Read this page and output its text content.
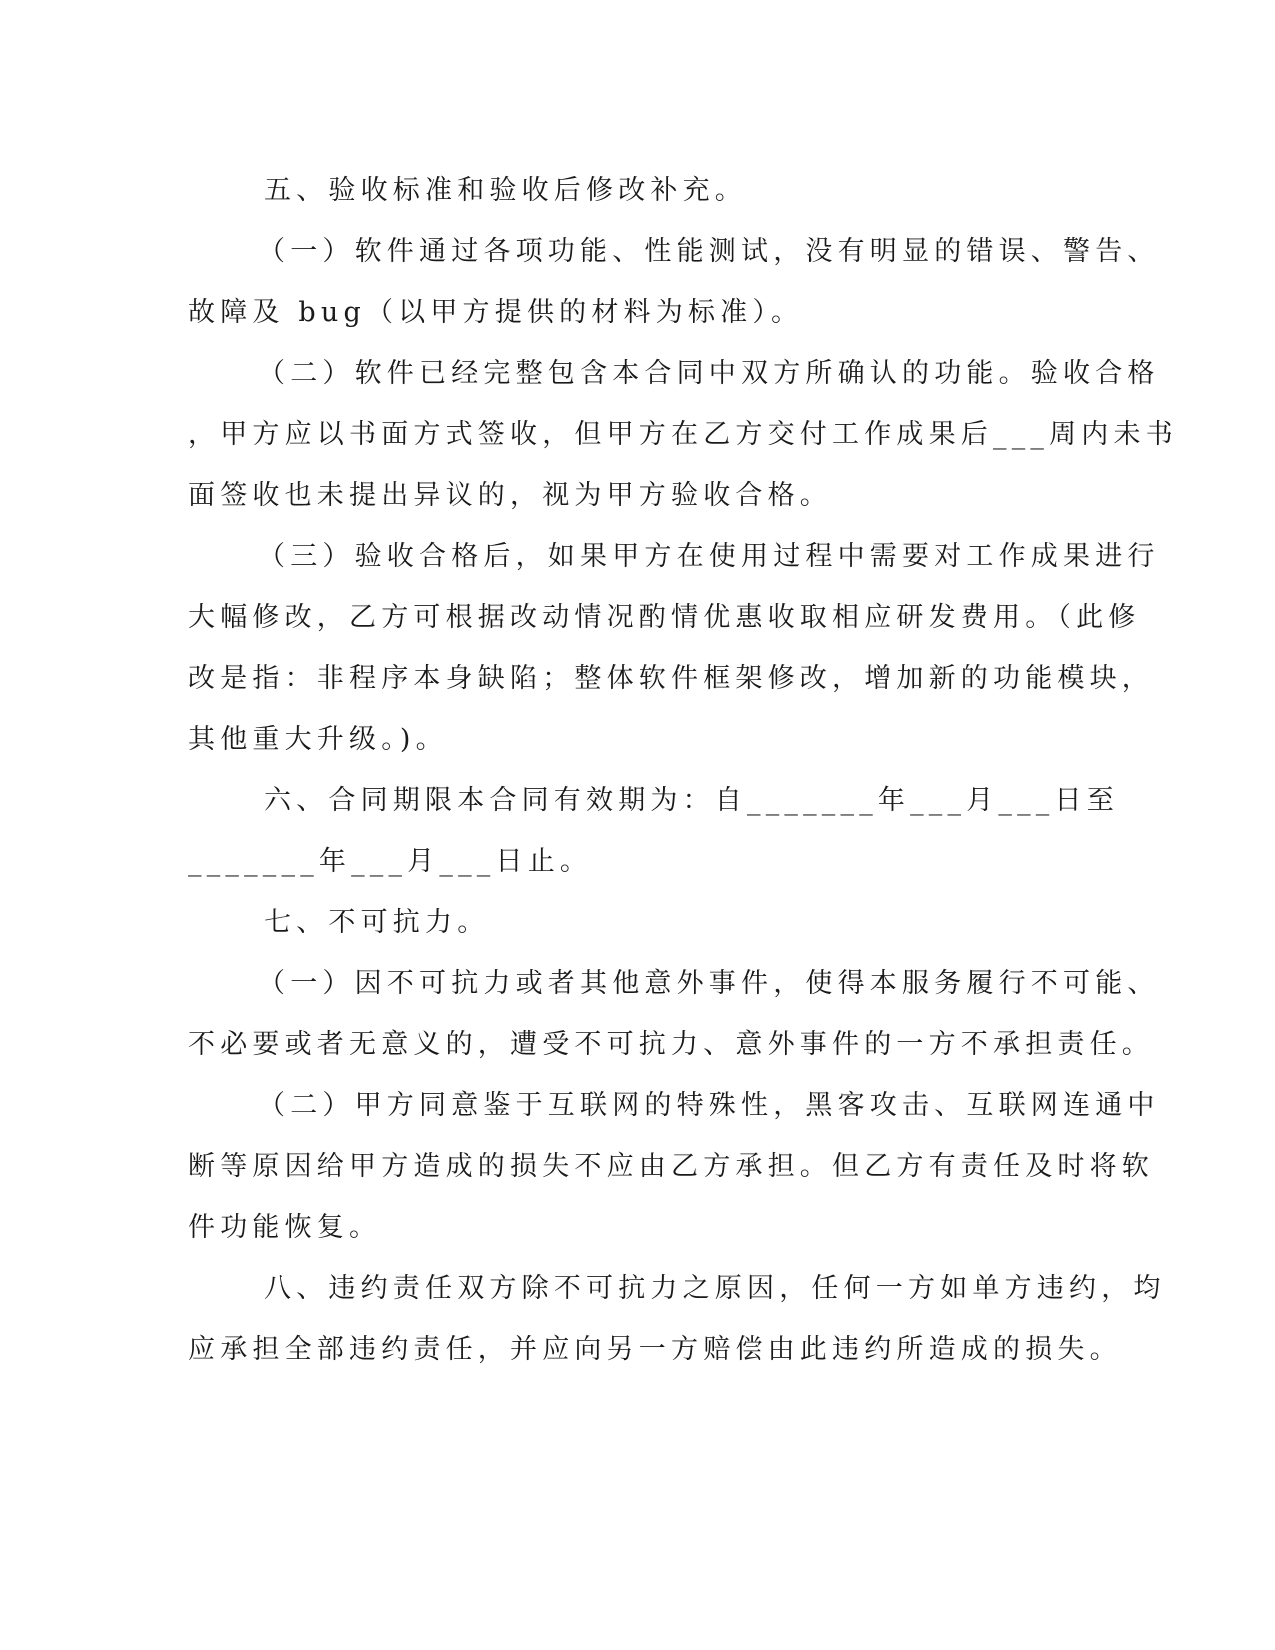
五、验收标准和验收后修改补充。

（一）软件通过各项功能、性能测试，没有明显的错误、警告、

故障及 bug（以甲方提供的材料为标准）。

（二）软件已经完整包含本合同中双方所确认的功能。验收合格

，甲方应以书面方式签收，但甲方在乙方交付工作成果后___周内未书

面签收也未提出异议的，视为甲方验收合格。

（三）验收合格后，如果甲方在使用过程中需要对工作成果进行

大幅修改，乙方可根据改动情况酌情优惠收取相应研发费用。（此修

改是指：非程序本身缺陷；整体软件框架修改，增加新的功能模块，

其他重大升级。)。

六、合同期限本合同有效期为：自_______年___月___日至

_______年___月___日止。

七、不可抗力。

（一）因不可抗力或者其他意外事件，使得本服务履行不可能、

不必要或者无意义的，遭受不可抗力、意外事件的一方不承担责任。

（二）甲方同意鉴于互联网的特殊性，黑客攻击、互联网连通中

断等原因给甲方造成的损失不应由乙方承担。但乙方有责任及时将软

件功能恢复。

八、违约责任双方除不可抗力之原因，任何一方如单方违约，均

应承担全部违约责任，并应向另一方赔偿由此违约所造成的损失。
